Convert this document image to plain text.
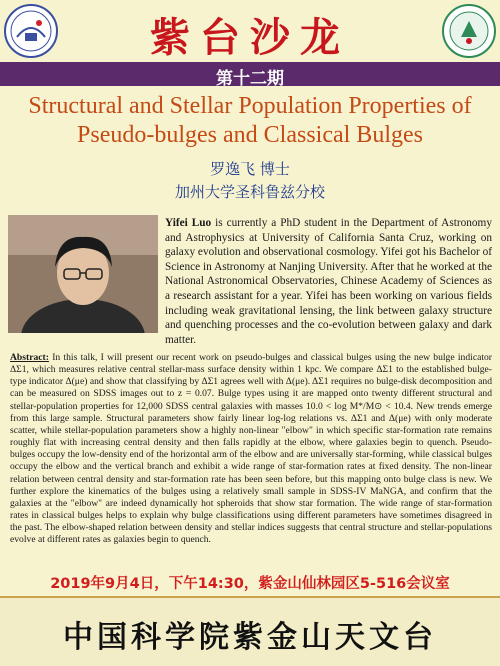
紫台沙龙
第十二期
Structural and Stellar Population Properties of
Pseudo-bulges and Classical Bulges
罗逸飞 博士
加州大学圣科鲁兹分校
Yifei Luo is currently a PhD student in the Department of Astronomy and Astrophysics at University of California Santa Cruz, working on galaxy evolution and observational cosmology. Yifei got his Bachelor of Science in Astronomy at Nanjing University. After that he worked at the National Astronomical Observatories, Chinese Academy of Sciences as a research assistant for a year. Yifei has been working on various fields including weak gravitational lensing, the link between galaxy structure and quenching processes and the co-evolution between galaxy and dark matter.
Abstract: In this talk, I will present our recent work on pseudo-bulges and classical bulges using the new bulge indicator ΔΣ1, which measures relative central stellar-mass surface density within 1 kpc. We compare ΔΣ1 to the established bulge-type indicator Δ(μe) and show that classifying by ΔΣ1 agrees well with Δ(μe). ΔΣ1 requires no bulge-disk decomposition and can be measured on SDSS images out to z = 0.07. Bulge types using it are mapped onto twenty different structural and stellar-population properties for 12,000 SDSS central galaxies with masses 10.0 < log M*/M⊙ < 10.4. New trends emerge from this large sample. Structural parameters show fairly linear log-log relations vs. ΔΣ1 and Δ(μe) with only moderate scatter, while stellar-population parameters show a highly non-linear "elbow" in which specific star-formation rate remains roughly flat with increasing central density and then falls rapidly at the elbow, where galaxies begin to quench. Pseudo-bulges occupy the low-density end of the horizontal arm of the elbow and are universally star-forming, while classical bulges occupy the elbow and the vertical branch and exhibit a wide range of star-formation rates at fixed density. The non-linear relation between central density and star-formation rate has been seen before, but this mapping onto bulge class is new. We further explore the kinematics of the bulges using a relatively small sample in SDSS-IV MaNGA, and confirm that the galaxies at the "elbow" are indeed dynamically hot spheroids that show star formation. The wide range of star-formation rates in classical bulges helps to explain why bulge classifications using different parameters have sometimes disagreed in the past. The elbow-shaped relation between density and stellar indices suggests that central structure and stellar-populations evolve at different rates as galaxies begin to quench.
2019年9月4日，下午14:30，紫金山仙林园区5-516会议室
中国科学院紫金山天文台
